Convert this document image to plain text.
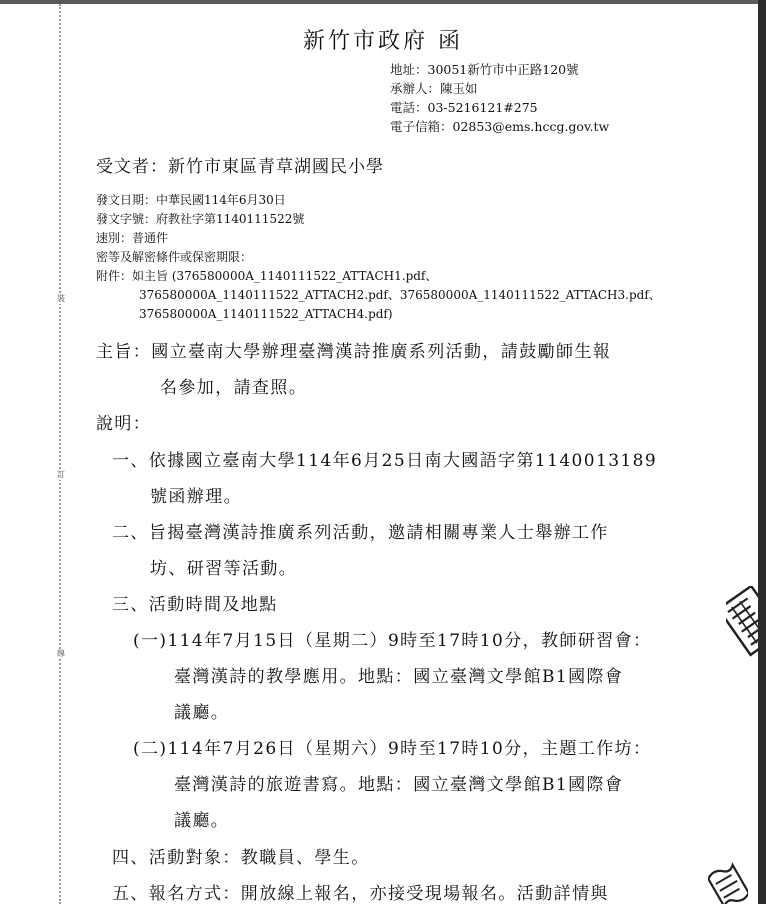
裝
訂
線
新竹市政府 函
地址：30051新竹市中正路120號
承辦人：陳玉如
電話：03-5216121#275
電子信箱：02853@ems.hccg.gov.tw
受文者：新竹市東區青草湖國民小學
發文日期：中華民國114年6月30日
發文字號：府教社字第1140111522號
速別：普通件
密等及解密條件或保密期限：
附件：如主旨 (376580000A_1140111522_ATTACH1.pdf、
376580000A_1140111522_ATTACH2.pdf、376580000A_1140111522_ATTACH3.pdf、
376580000A_1140111522_ATTACH4.pdf)
主旨：國立臺南大學辦理臺灣漢詩推廣系列活動，請鼓勵師生報
名參加，請查照。
說明：
一、依據國立臺南大學114年6月25日南大國語字第1140013189
號函辦理。
二、旨揭臺灣漢詩推廣系列活動，邀請相關專業人士舉辦工作
坊、研習等活動。
三、活動時間及地點
(一)114年7月15日（星期二）9時至17時10分，教師研習會：
臺灣漢詩的教學應用。地點：國立臺灣文學館B1國際會
議廳。
(二)114年7月26日（星期六）9時至17時10分，主題工作坊：
臺灣漢詩的旅遊書寫。地點：國立臺灣文學館B1國際會
議廳。
四、活動對象：教職員、學生。
五、報名方式：開放線上報名，亦接受現場報名。活動詳情與
